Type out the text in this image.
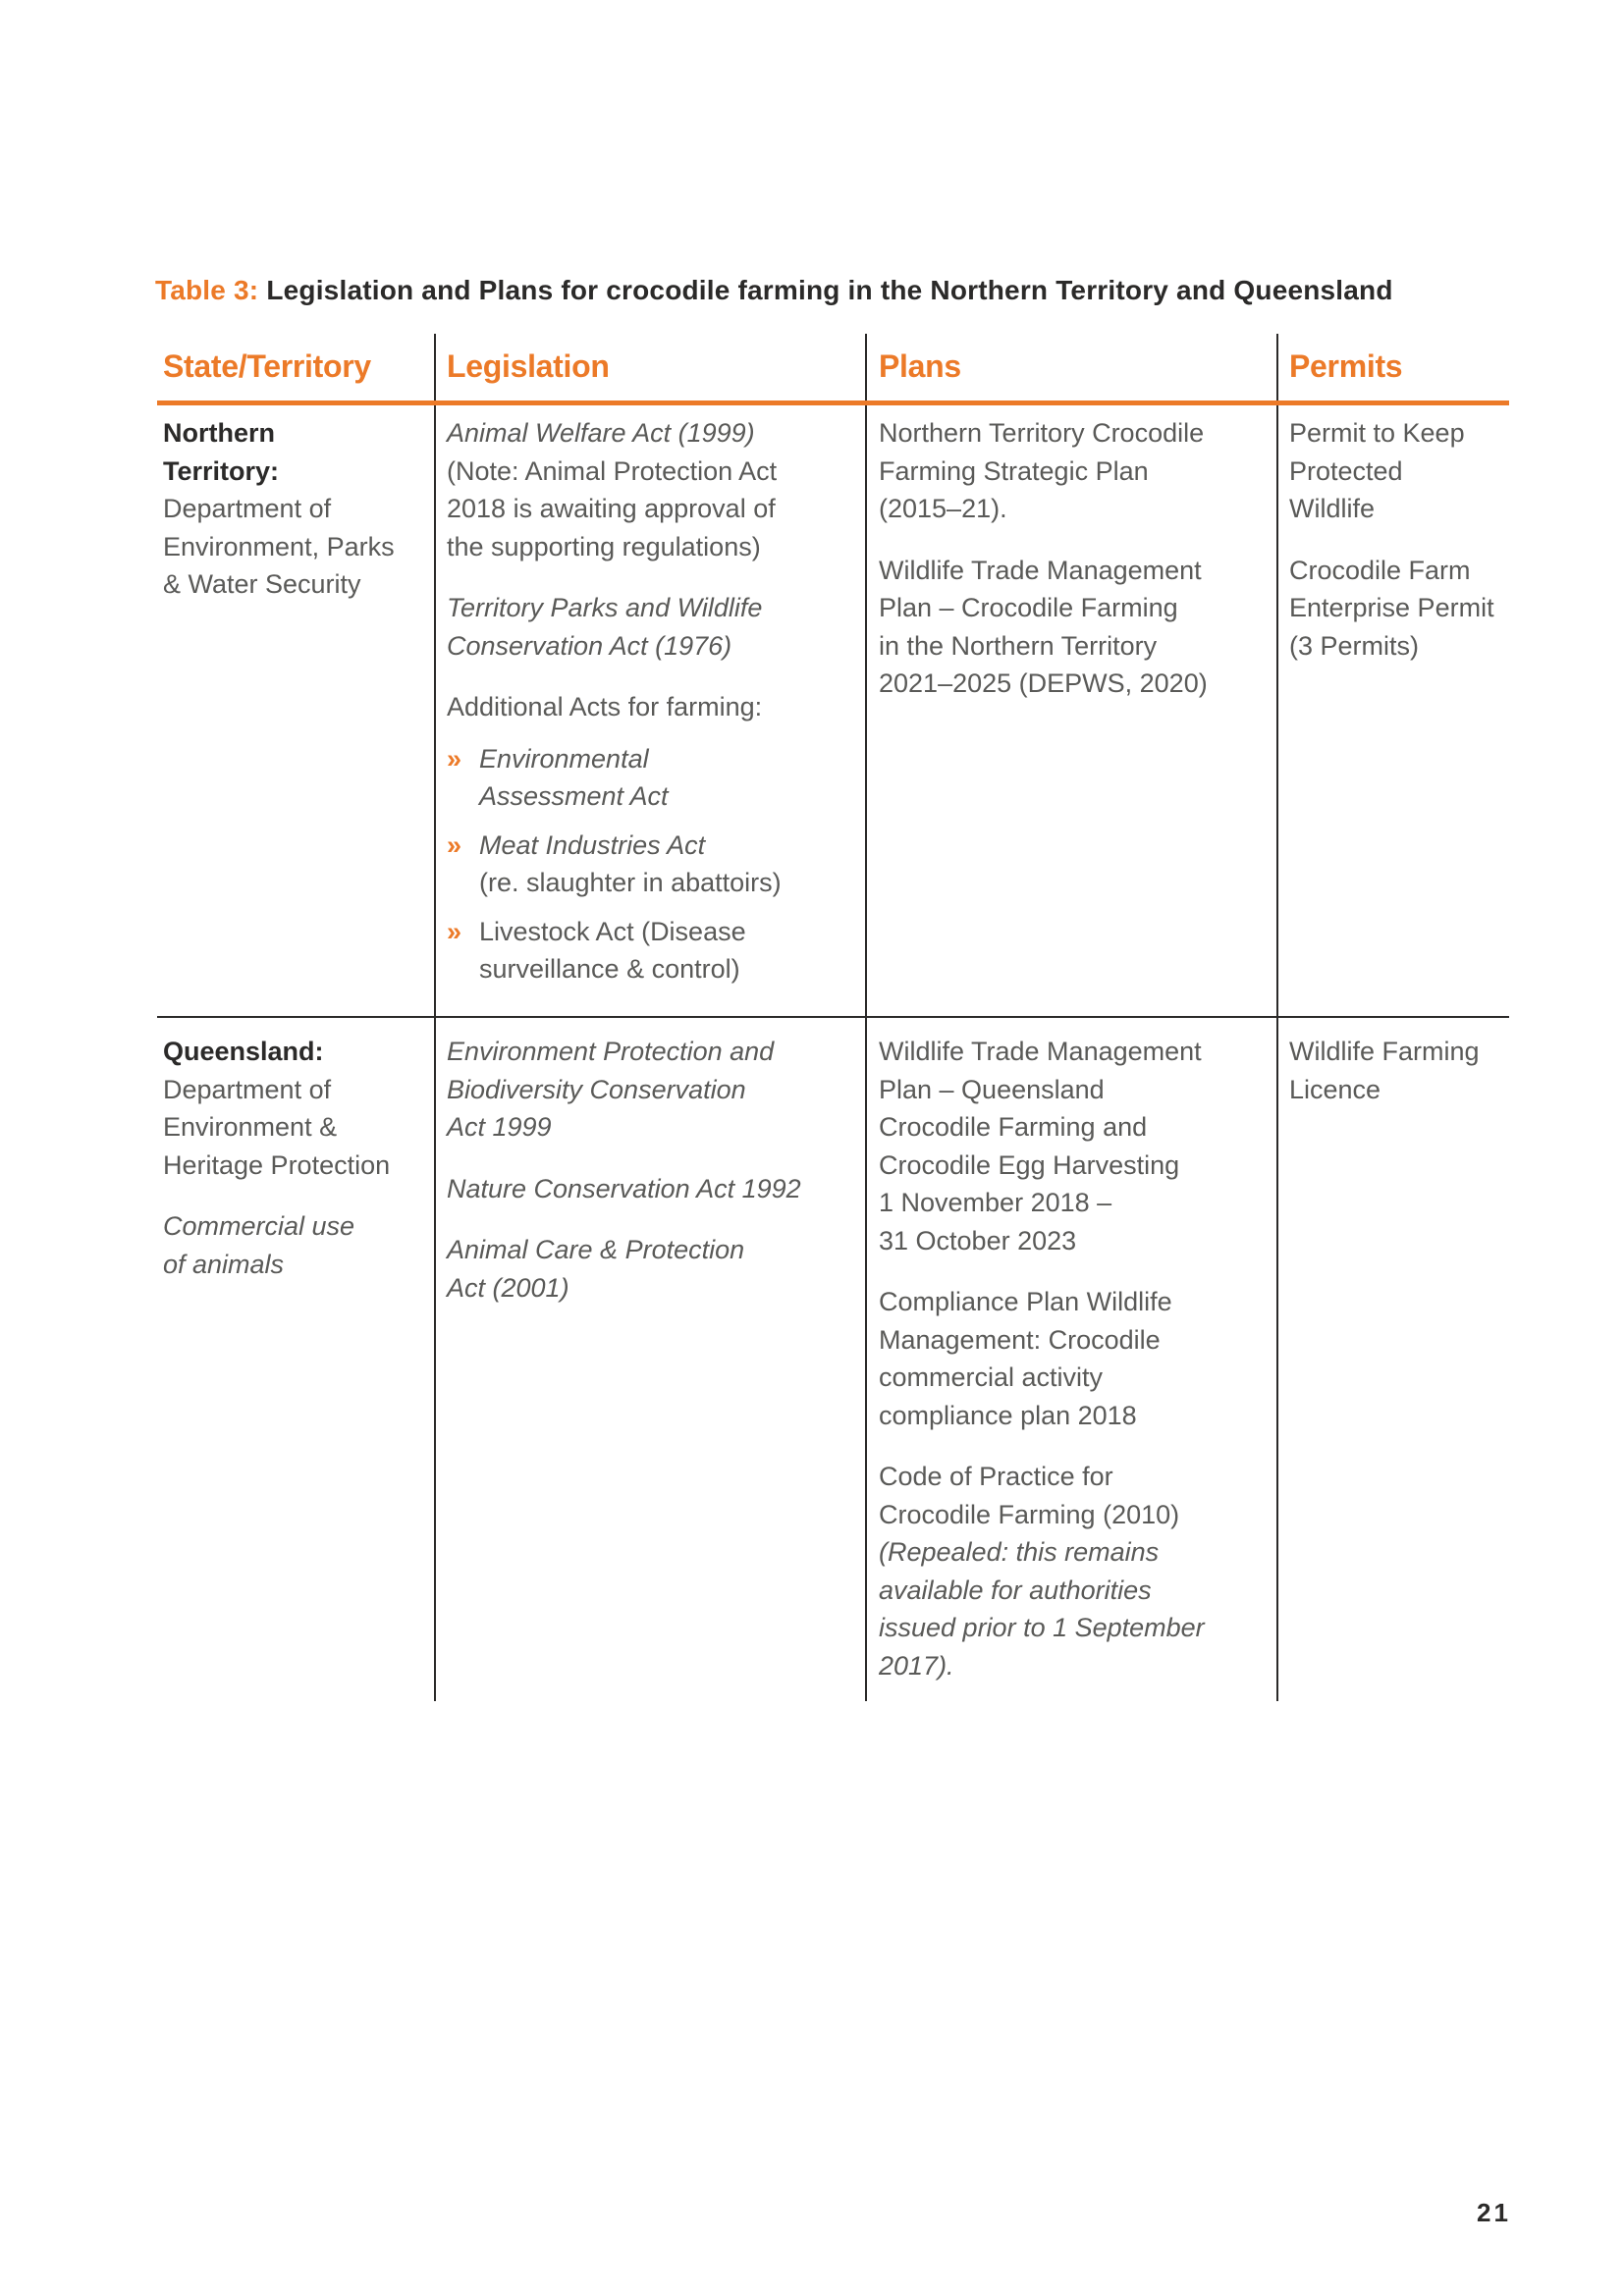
Table 3: Legislation and Plans for crocodile farming in the Northern Territory and Queensland
State/Territory Legislation	Plans	Permits
Northern
Territory:
Department of
Environment, Parks
& Water Security
Animal Welfare Act (1999)
(Note: Animal Protection Act
2018 is awaiting approval of
the supporting regulations)
Territory Parks and Wildlife
Conservation Act (1976)
Additional Acts for farming:
» Environmental
Assessment Act
» Meat Industries Act
(re. slaughter in abattoirs)
» Livestock Act (Disease
surveillance & control)
Northern Territory Crocodile
Farming Strategic Plan
(2015–21).
Wildlife Trade Management
Plan – Crocodile Farming
in the Northern Territory
2021–2025 (DEPWS, 2020)
Permit to Keep
Protected
Wildlife
Crocodile Farm
Enterprise Permit
(3 Permits)
Queensland:
Department of
Environment &
Heritage Protection
Commercial use
of animals
Environment Protection and
Biodiversity Conservation
Act 1999
Nature Conservation Act 1992
Animal Care & Protection
Act (2001)
Wildlife Trade Management
Plan – Queensland
Crocodile Farming and
Crocodile Egg Harvesting
1 November 2018 –
31 October 2023
Compliance Plan Wildlife
Management: Crocodile
commercial activity
compliance plan 2018
Code of Practice for
Crocodile Farming (2010)
(Repealed: this remains
available for authorities
issued prior to 1 September
2017).
Wildlife Farming
Licence
21
